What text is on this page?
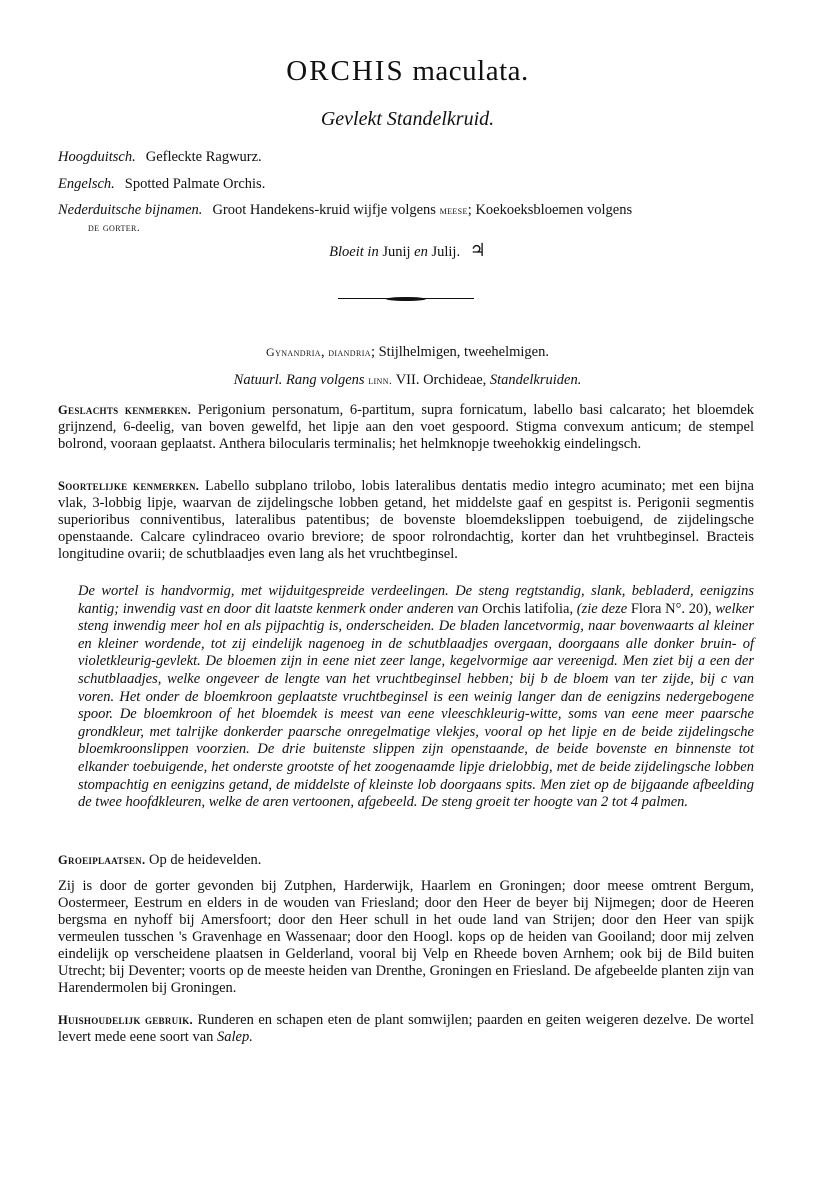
ORCHIS maculata.
Gevlekt Standelkruid.
Hoogduitsch. Gefleckte Ragwurz.
Engelsch. Spotted Palmate Orchis.
Nederduitsche bijnamen. Groot Handekens-kruid wijfje volgens meese; Koekoeksbloemen volgens
de gorter.
Bloeit in Junij en Julij. ♃
Gynandria, diandria; Stijlhelmigen, tweehelmigen.
Natuurl. Rang volgens linn. VII. Orchideae, Standelkruiden.
Geslachts kenmerken. Perigonium personatum, 6-partitum, supra fornicatum, labello basi calcarato; het bloemdek grijnzend, 6-deelig, van boven gewelfd, het lipje aan den voet gespoord. Stigma convexum anticum; de stempel bolrond, vooraan geplaatst. Anthera bilocularis terminalis; het helmknopje tweehokkig eindelingsch.
Soortelijke kenmerken. Labello subplano trilobo, lobis lateralibus dentatis medio integro acuminato; met een bijna vlak, 3-lobbig lipje, waarvan de zijdelingsche lobben getand, het middelste gaaf en gespitst is. Perigonii segmentis superioribus conniventibus, lateralibus patentibus; de bovenste bloemdekslippen toebuigend, de zijdelingsche openstaande. Calcare cylindraceo ovario breviore; de spoor rolrondachtig, korter dan het vruhtbeginsel. Bracteis longitudine ovarii; de schutblaadjes even lang als het vruchtbeginsel.
De wortel is handvormig, met wijduitgespreide verdeelingen. De steng regtstandig, slank, bebladerd, eenigzins kantig; inwendig vast en door dit laatste kenmerk onder anderen van Orchis latifolia, (zie deze Flora N°. 20), welker steng inwendig meer hol en als pijpachtig is, onderscheiden. De bladen lancetvormig, naar bovenwaarts al kleiner en kleiner wordende, tot zij eindelijk nagenoeg in de schutblaadjes overgaan, doorgaans alle donker bruin- of violetkleurig-gevlekt. De bloemen zijn in eene niet zeer lange, kegelvormige aar vereenigd. Men ziet bij a een der schutblaadjes, welke ongeveer de lengte van het vruchtbeginsel hebben; bij b de bloem van ter zijde, bij c van voren. Het onder de bloemkroon geplaatste vruchtbeginsel is een weinig langer dan de eenigzins nedergebogene spoor. De bloemkroon of het bloemdek is meest van eene vleeschkleurig-witte, soms van eene meer paarsche grondkleur, met talrijke donkerder paarsche onregelmatige vlekjes, vooral op het lipje en de beide zijdelingsche bloemkroonslippen voorzien. De drie buitenste slippen zijn openstaande, de beide bovenste en binnenste tot elkander toebuigende, het onderste grootste of het zoogenaamde lipje drielobbig, met de beide zijdelingsche lobben stompachtig en eenigzins getand, de middelste of kleinste lob doorgaans spits. Men ziet op de bijgaande afbeelding de twee hoofdkleuren, welke de aren vertoonen, afgebeeld. De steng groeit ter hoogte van 2 tot 4 palmen.
Groeiplaatsen. Op de heidevelden.
Zij is door de gorter gevonden bij Zutphen, Harderwijk, Haarlem en Groningen; door meese omtrent Bergum, Oostermeer, Eestrum en elders in de wouden van Friesland; door den Heer de beyer bij Nijmegen; door de Heeren bergsma en nyhoff bij Amersfoort; door den Heer schull in het oude land van Strijen; door den Heer van spijk vermeulen tusschen 's Gravenhage en Wassenaar; door den Hoogl. kops op de heiden van Gooiland; door mij zelven eindelijk op verscheidene plaatsen in Gelderland, vooral bij Velp en Rheede boven Arnhem; ook bij de Bild buiten Utrecht; bij Deventer; voorts op de meeste heiden van Drenthe, Groningen en Friesland. De afgebeelde planten zijn van Harendermolen bij Groningen.
Huishoudelijk gebruik. Runderen en schapen eten de plant somwijlen; paarden en geiten weigeren dezelve. De wortel levert mede eene soort van Salep.
